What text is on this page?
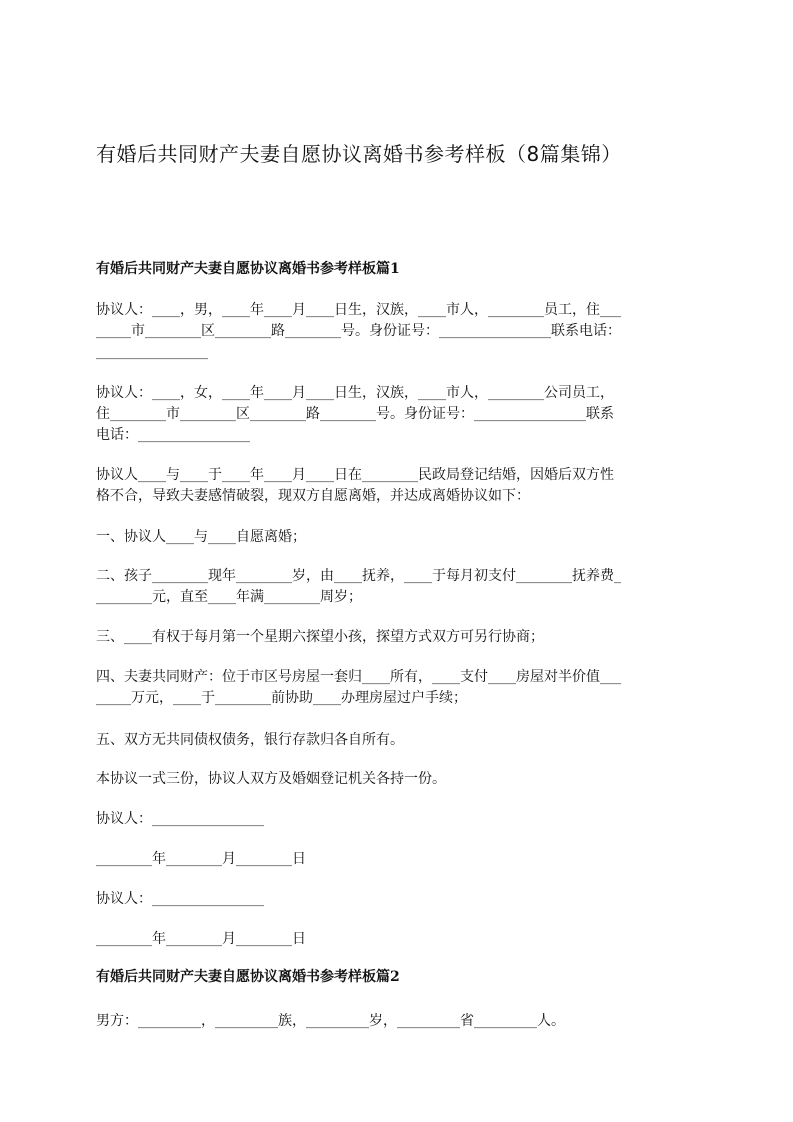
有婚后共同财产夫妻自愿协议离婚书参考样板（8篇集锦）
有婚后共同财产夫妻自愿协议离婚书参考样板篇1
协议人：____，男，____年____月____日生，汉族，____市人，________员工，住___
_____市________区________路________号。身份证号：________________联系电话：
________________
协议人：____，女，____年____月____日生，汉族，____市人，________公司员工，
住________市________区________路________号。身份证号：________________联系
电话：________________
协议人____与____于____年____月____日在________民政局登记结婚，因婚后双方性
格不合，导致夫妻感情破裂，现双方自愿离婚，并达成离婚协议如下：
一、协议人____与____自愿离婚；
二、孩子________现年________岁，由____抚养，____于每月初支付________抚养费_
________元，直至____年满________周岁；
三、____有权于每月第一个星期六探望小孩，探望方式双方可另行协商；
四、夫妻共同财产：位于市区号房屋一套归____所有，____支付____房屋对半价值___
_____万元，____于________前协助____办理房屋过户手续；
五、双方无共同债权债务，银行存款归各自所有。
本协议一式三份，协议人双方及婚姻登记机关各持一份。
协议人：________________
________年________月________日
协议人：________________
________年________月________日
有婚后共同财产夫妻自愿协议离婚书参考样板篇2
男方：_________，_________族，_________岁，_________省_________人。
